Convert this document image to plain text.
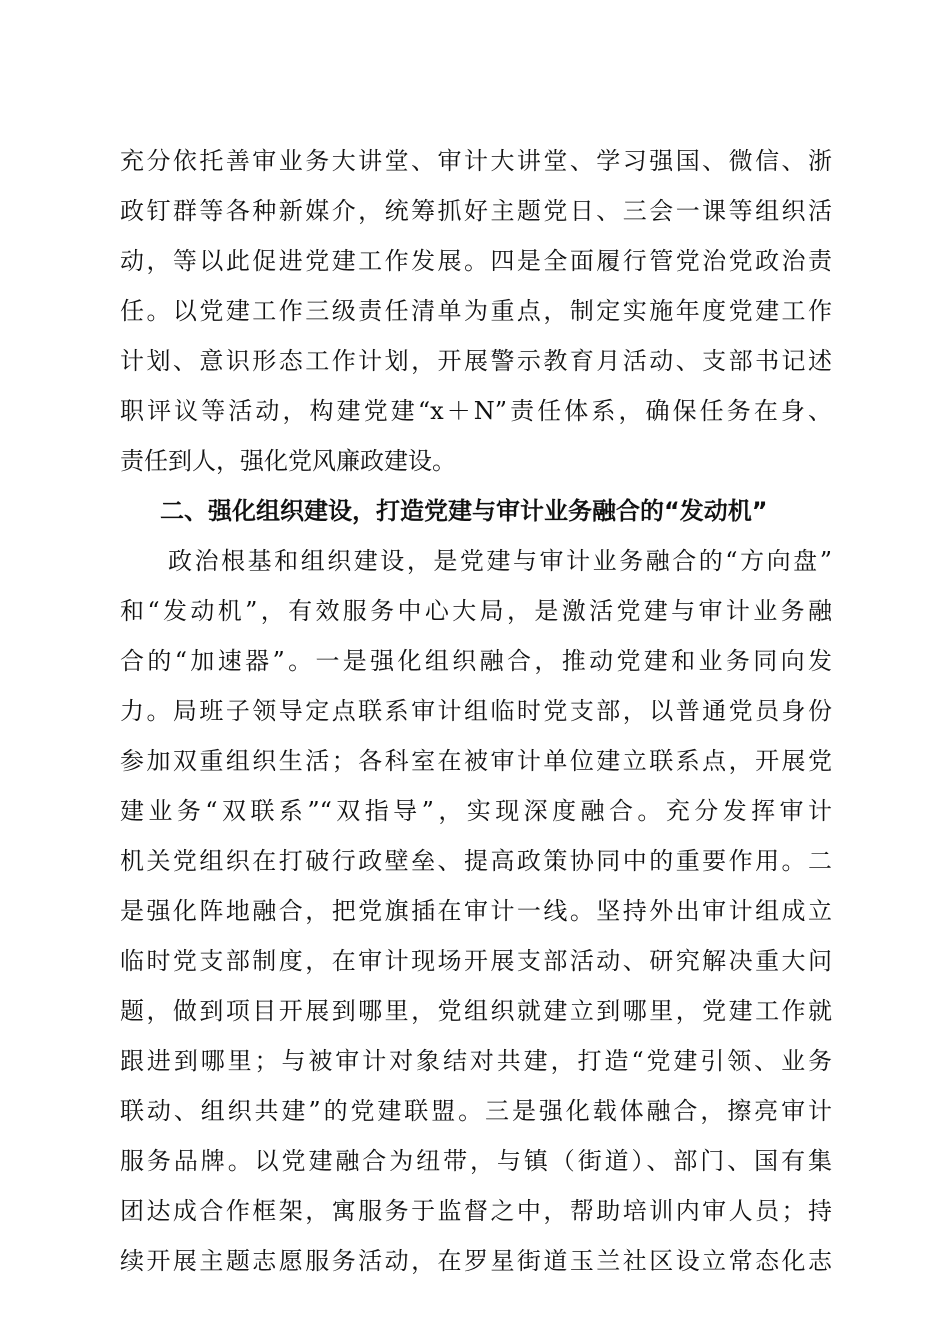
充分依托善审业务大讲堂、审计大讲堂、学习强国、微信、浙
政钉群等各种新媒介，统筹抓好主题党日、三会一课等组织活
动，等以此促进党建工作发展。四是全面履行管党治党政治责
任。以党建工作三级责任清单为重点，制定实施年度党建工作
计划、意识形态工作计划，开展警示教育月活动、支部书记述
职评议等活动，构建党建“x＋N”责任体系，确保任务在身、
责任到人，强化党风廉政建设。
二、强化组织建设，打造党建与审计业务融合的“发动机”
政治根基和组织建设，是党建与审计业务融合的“方向盘”
和“发动机”，有效服务中心大局，是激活党建与审计业务融
合的“加速器”。一是强化组织融合，推动党建和业务同向发
力。局班子领导定点联系审计组临时党支部，以普通党员身份
参加双重组织生活；各科室在被审计单位建立联系点，开展党
建业务“双联系”“双指导”，实现深度融合。充分发挥审计
机关党组织在打破行政壁垒、提高政策协同中的重要作用。二
是强化阵地融合，把党旗插在审计一线。坚持外出审计组成立
临时党支部制度，在审计现场开展支部活动、研究解决重大问
题，做到项目开展到哪里，党组织就建立到哪里，党建工作就
跟进到哪里；与被审计对象结对共建，打造“党建引领、业务
联动、组织共建”的党建联盟。三是强化载体融合，擦亮审计
服务品牌。以党建融合为纽带，与镇（街道）、部门、国有集
团达成合作框架，寓服务于监督之中，帮助培训内审人员；持
续开展主题志愿服务活动，在罗星街道玉兰社区设立常态化志
